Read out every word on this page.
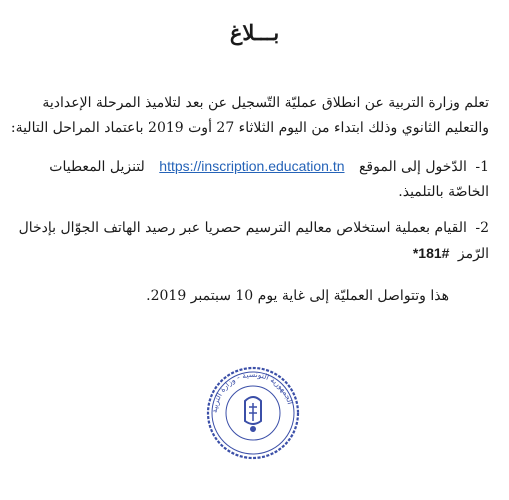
بـــلاغ
تعلم وزارة التربية عن انطلاق عمليّة التّسجيل عن بعد لتلاميذ المرحلة الإعدادية والتعليم الثانوي وذلك ابتداء من اليوم الثلاثاء 27 أوت 2019 باعتماد المراحل التالية:
1- الدّخول إلى الموقع https://inscription.education.tn لتنزيل المعطيات الخاصّة بالتلميذ.
2- القيام بعملية استخلاص معاليم الترسيم حصريا عبر رصيد الهاتف الجوّال بإدخال الرّمز *181#
هذا وتتواصل العمليّة إلى غاية يوم 10 سبتمبر 2019.
الجمهورية التونسية - وزارة التربية
